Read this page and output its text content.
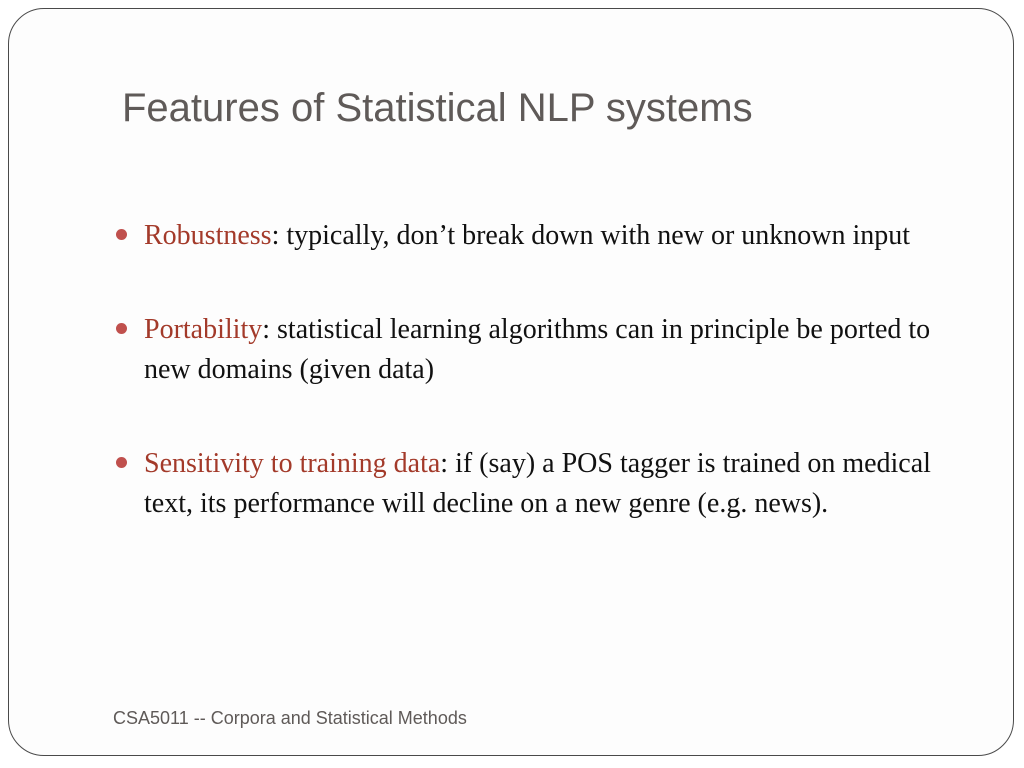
Features of Statistical NLP systems
Robustness: typically, don’t break down with new or unknown input
Portability: statistical learning algorithms can in principle be ported to new domains (given data)
Sensitivity to training data: if (say) a POS tagger is trained on medical text, its performance will decline on a new genre (e.g. news).
CSA5011 -- Corpora and Statistical Methods
